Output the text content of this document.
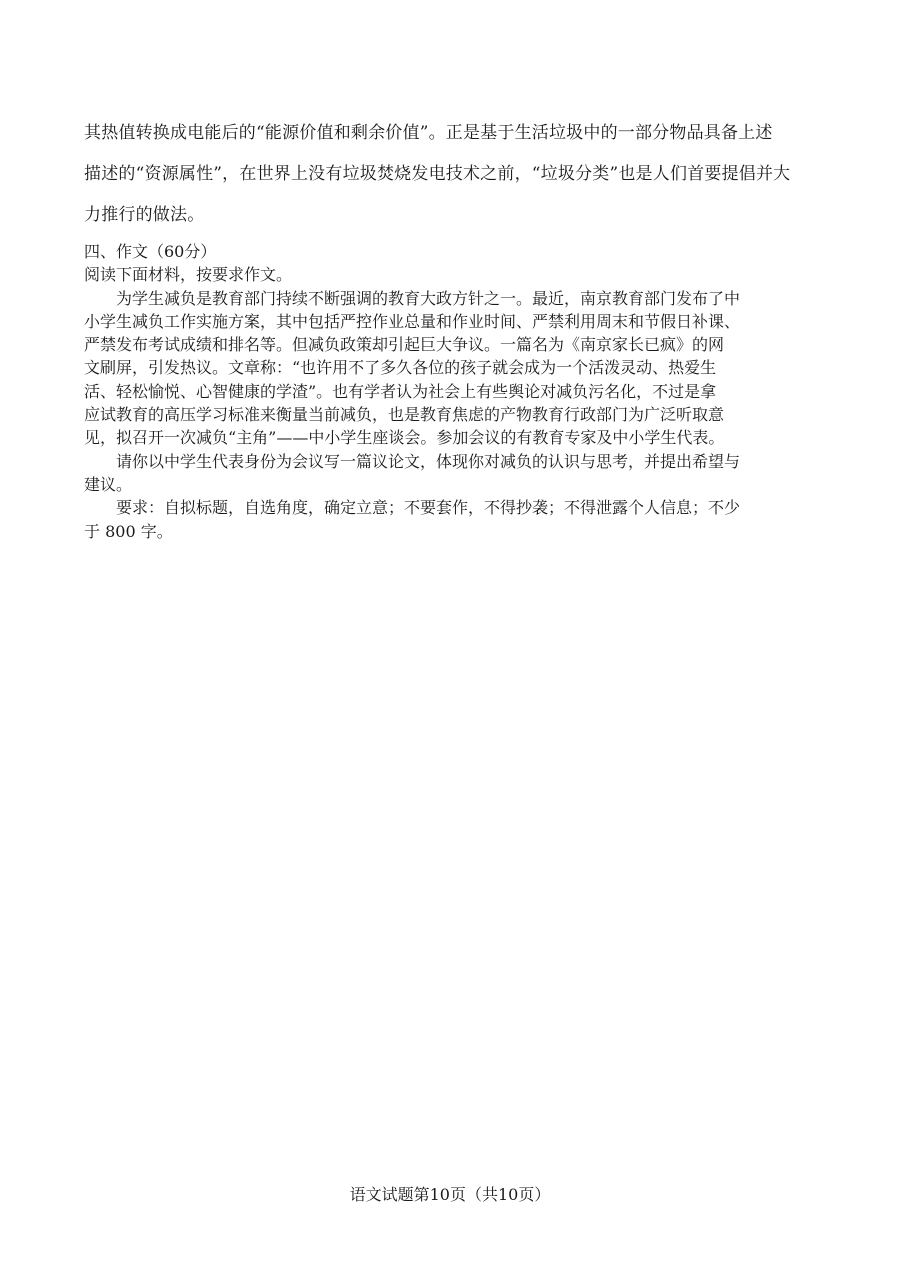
其热值转换成电能后的“能源价值和剩余价值”。正是基于生活垃圾中的一部分物品具备上述

描述的“资源属性”，在世界上没有垃圾焚烧发电技术之前，“垃圾分类”也是人们首要提倡并大

力推行的做法。

四、作文（60分）

阅读下面材料，按要求作文。

为学生减负是教育部门持续不断强调的教育大政方针之一。最近，南京教育部门发布了中

小学生减负工作实施方案，其中包括严控作业总量和作业时间、严禁利用周末和节假日补课、

严禁发布考试成绩和排名等。但减负政策却引起巨大争议。一篇名为《南京家长已疯》的网

文刷屏，引发热议。文章称：“也许用不了多久各位的孩子就会成为一个活泼灵动、热爱生

活、轻松愉悦、心智健康的学渣”。也有学者认为社会上有些舆论对减负污名化，不过是拿

应试教育的高压学习标准来衡量当前减负，也是教育焦虑的产物教育行政部门为广泛听取意

见，拟召开一次减负“主角”——中小学生座谈会。参加会议的有教育专家及中小学生代表。

请你以中学生代表身份为会议写一篇议论文，体现你对减负的认识与思考，并提出希望与

建议。

要求：自拟标题，自选角度，确定立意；不要套作，不得抄袭；不得泄露个人信息；不少

于 800 字。

语文试题第10页（共10页）
